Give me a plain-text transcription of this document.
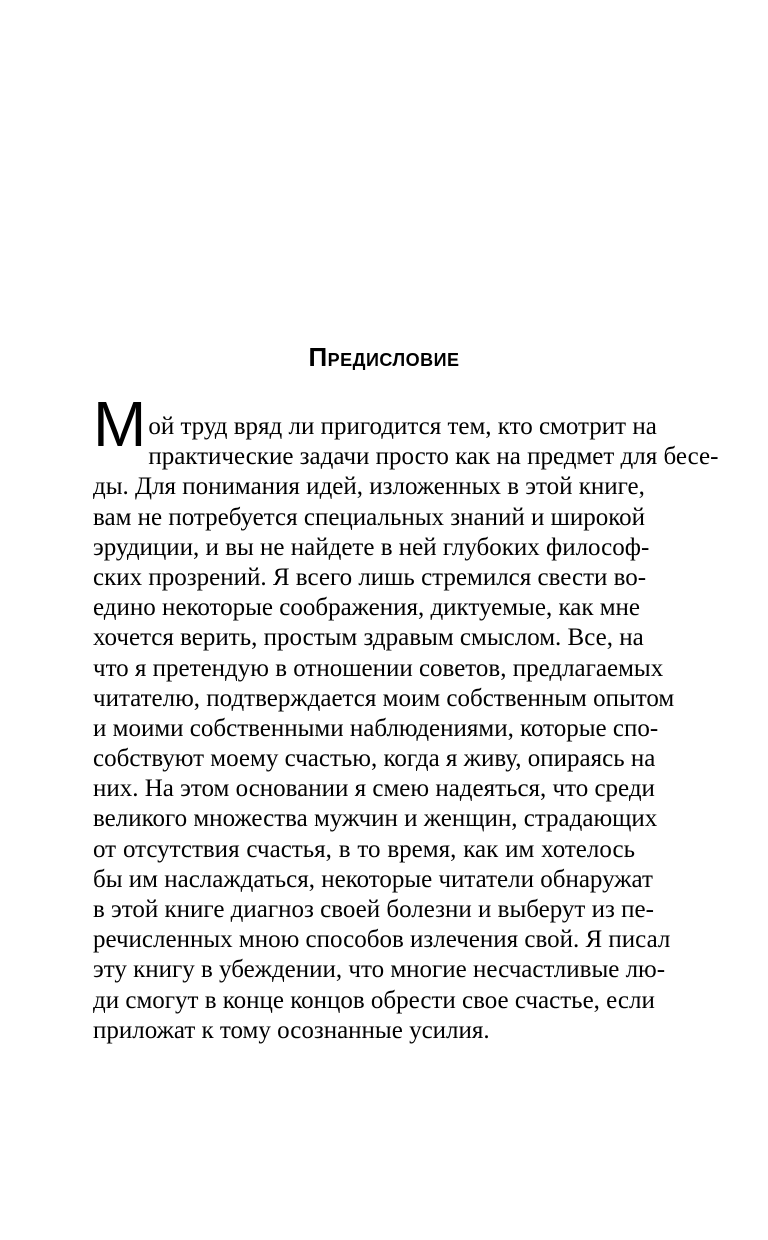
Предисловие
М ой труд вряд ли пригодится тем, кто смотрит на
практические задачи просто как на предмет для бесе-
ды. Для понимания идей, изложенных в этой книге,
вам не потребуется специальных знаний и широкой
эрудиции, и вы не найдете в ней глубоких философ-
ских прозрений. Я всего лишь стремился свести во-
едино некоторые соображения, диктуемые, как мне
хочется верить, простым здравым смыслом. Все, на
что я претендую в отношении советов, предлагаемых
читателю, подтверждается моим собственным опытом
и моими собственными наблюдениями, которые спо-
собствуют моему счастью, когда я живу, опираясь на
них. На этом основании я смею надеяться, что среди
великого множества мужчин и женщин, страдающих
от отсутствия счастья, в то время, как им хотелось
бы им наслаждаться, некоторые читатели обнаружат
в этой книге диагноз своей болезни и выберут из пе-
речисленных мною способов излечения свой. Я писал
эту книгу в убеждении, что многие несчастливые лю-
ди смогут в конце концов обрести свое счастье, если
приложат к тому осознанные усилия.
